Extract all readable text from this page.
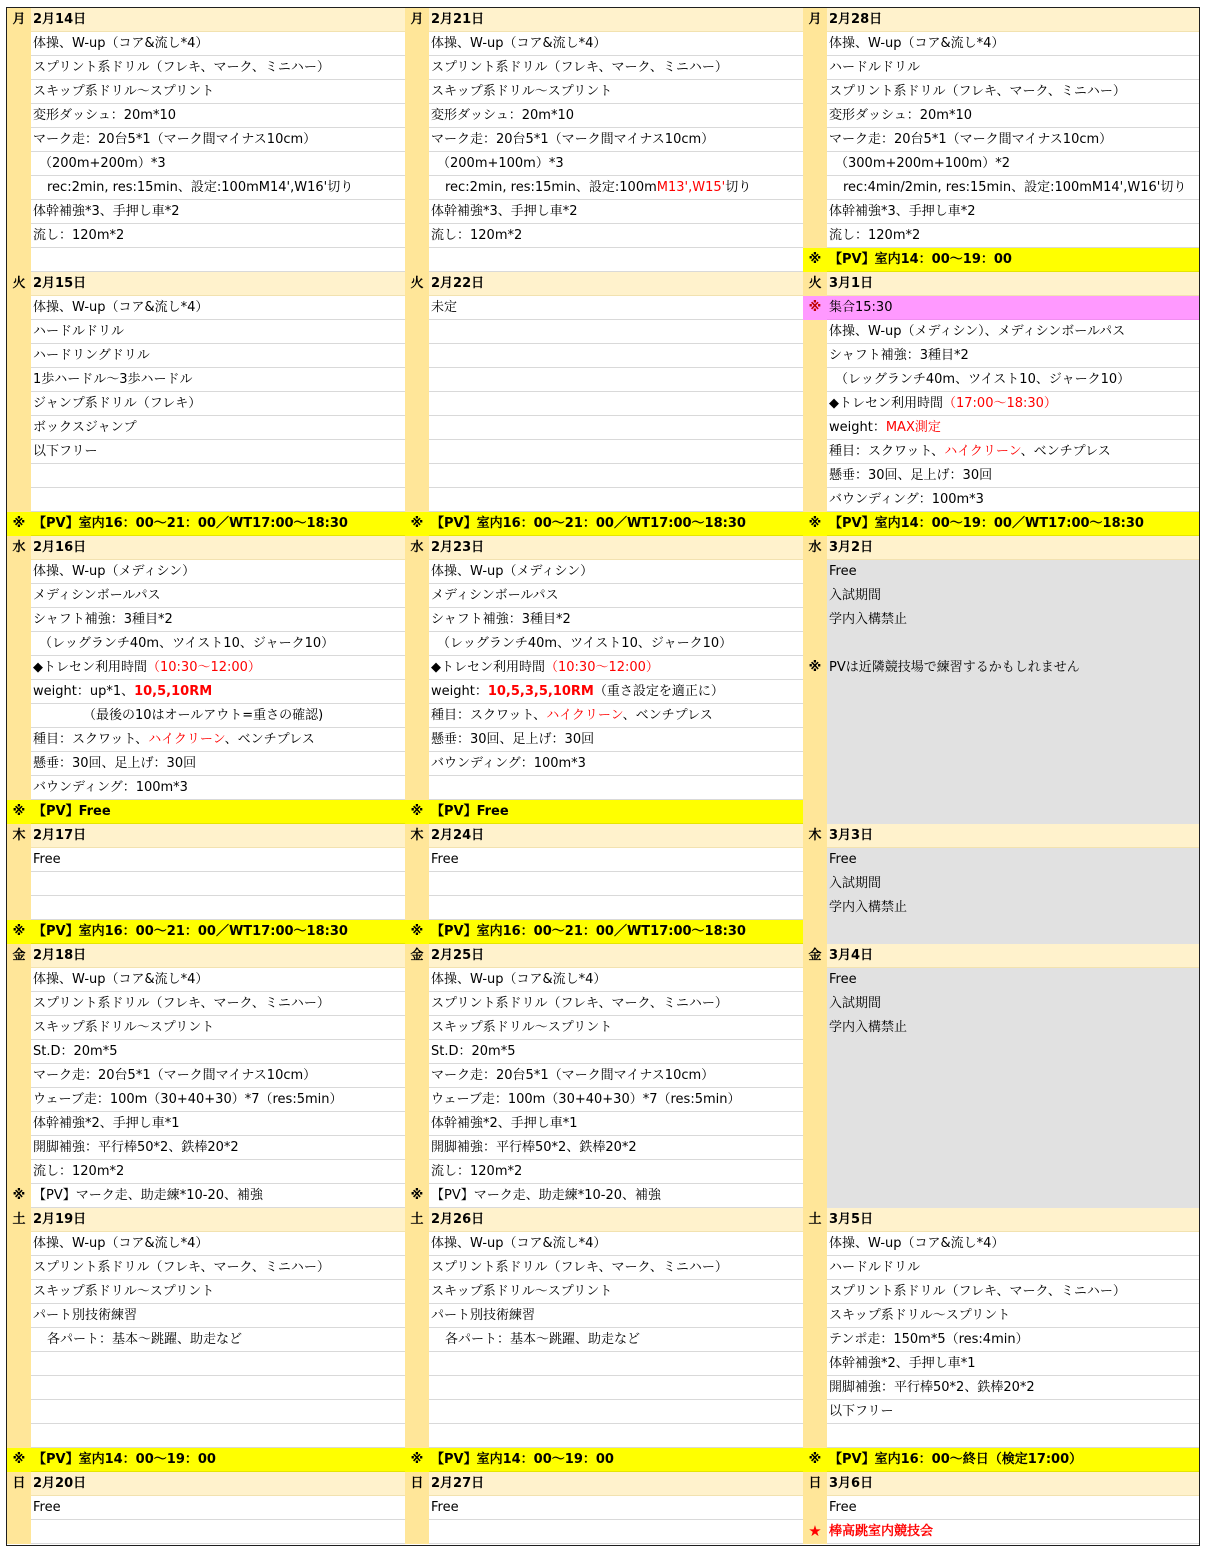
月 2月14日
体操、W-up（コア&流し*4）
スプリント系ドリル（フレキ、マーク、ミニハー）
スキップ系ドリル～スプリント
変形ダッシュ：20m*10
マーク走：20台5*1（マーク間マイナス10cm）
（200m+200m）*3
rec:2min, res:15min、設定:100mM14',W16'切り
体幹補強*3、手押し車*2
流し：120m*2
火 2月15日
体操、W-up（コア&流し*4）
ハードルドリル
ハードリングドリル
1歩ハードル～3歩ハードル
ジャンプ系ドリル（フレキ）
ボックスジャンプ
以下フリー
※ 【PV】室内16：00～21：00／WT17:00～18:30
水 2月16日
体操、W-up（メディシン）
メディシンボールパス
シャフト補強：3種目*2
（レッグランチ40m、ツイスト10、ジャーク10）
◆トレセン利用時間（10:30～12:00）
weight：up*1、10,5,10RM
（最後の10はオールアウト=重さの確認)
種目：スクワット、ハイクリーン、ベンチプレス
懸垂：30回、足上げ：30回
バウンディング：100m*3
※ 【PV】Free
木 2月17日
Free
※ 【PV】室内16：00～21：00／WT17:00～18:30
金 2月18日
体操、W-up（コア&流し*4）
スプリント系ドリル（フレキ、マーク、ミニハー）
スキップ系ドリル～スプリント
St.D：20m*5
マーク走：20台5*1（マーク間マイナス10cm）
ウェーブ走：100m（30+40+30）*7（res:5min）
体幹補強*2、手押し車*1
開脚補強：平行棒50*2、鉄棒20*2
流し：120m*2
※ 【PV】マーク走、助走練*10-20、補強
土 2月19日
体操、W-up（コア&流し*4）
スプリント系ドリル（フレキ、マーク、ミニハー）
スキップ系ドリル～スプリント
パート別技術練習
各パート：基本～跳躍、助走など
※ 【PV】室内14：00～19：00
日 2月20日
Free
月 2月21日
体操、W-up（コア&流し*4）
スプリント系ドリル（フレキ、マーク、ミニハー）
スキップ系ドリル～スプリント
変形ダッシュ：20m*10
マーク走：20台5*1（マーク間マイナス10cm）
（200m+100m）*3
rec:2min, res:15min、設定:100mM13',W15'切り
体幹補強*3、手押し車*2
流し：120m*2
火 2月22日
未定
※ 【PV】室内16：00～21：00／WT17:00～18:30
水 2月23日
体操、W-up（メディシン）
メディシンボールパス
シャフト補強：3種目*2
（レッグランチ40m、ツイスト10、ジャーク10）
◆トレセン利用時間（10:30～12:00）
weight：10,5,3,5,10RM（重さ設定を適正に）
種目：スクワット、ハイクリーン、ベンチプレス
懸垂：30回、足上げ：30回
バウンディング：100m*3
※ 【PV】Free
木 2月24日
Free
※ 【PV】室内16：00～21：00／WT17:00～18:30
金 2月25日
体操、W-up（コア&流し*4）
スプリント系ドリル（フレキ、マーク、ミニハー）
スキップ系ドリル～スプリント
St.D：20m*5
マーク走：20台5*1（マーク間マイナス10cm）
ウェーブ走：100m（30+40+30）*7（res:5min）
体幹補強*2、手押し車*1
開脚補強：平行棒50*2、鉄棒20*2
流し：120m*2
※ 【PV】マーク走、助走練*10-20、補強
土 2月26日
体操、W-up（コア&流し*4）
スプリント系ドリル（フレキ、マーク、ミニハー）
スキップ系ドリル～スプリント
パート別技術練習
各パート：基本～跳躍、助走など
※ 【PV】室内14：00～19：00
日 2月27日
Free
月 2月28日
体操、W-up（コア&流し*4）
ハードルドリル
スプリント系ドリル（フレキ、マーク、ミニハー）
変形ダッシュ：20m*10
マーク走：20台5*1（マーク間マイナス10cm）
（300m+200m+100m）*2
rec:4min/2min, res:15min、設定:100mM14',W16'切り
体幹補強*3、手押し車*2
流し：120m*2
※ 【PV】室内14：00～19：00
火 3月1日
※ 集合15:30
体操、W-up（メディシン）、メディシンボールパス
シャフト補強：3種目*2
（レッグランチ40m、ツイスト10、ジャーク10）
◆トレセン利用時間（17:00～18:30）
weight：MAX測定
種目：スクワット、ハイクリーン、ベンチプレス
懸垂：30回、足上げ：30回
バウンディング：100m*3
※ 【PV】室内14：00～19：00／WT17:00～18:30
水 3月2日
Free
入試期間
学内入構禁止
※ PVは近隣競技場で練習するかもしれません
木 3月3日
Free
入試期間
学内入構禁止
金 3月4日
Free
入試期間
学内入構禁止
土 3月5日
体操、W-up（コア&流し*4）
ハードルドリル
スプリント系ドリル（フレキ、マーク、ミニハー）
スキップ系ドリル～スプリント
テンポ走：150m*5（res:4min）
体幹補強*2、手押し車*1
開脚補強：平行棒50*2、鉄棒20*2
以下フリー
※ 【PV】室内16：00～終日（検定17:00）
日 3月6日
Free
★ 棒高跳室内競技会
